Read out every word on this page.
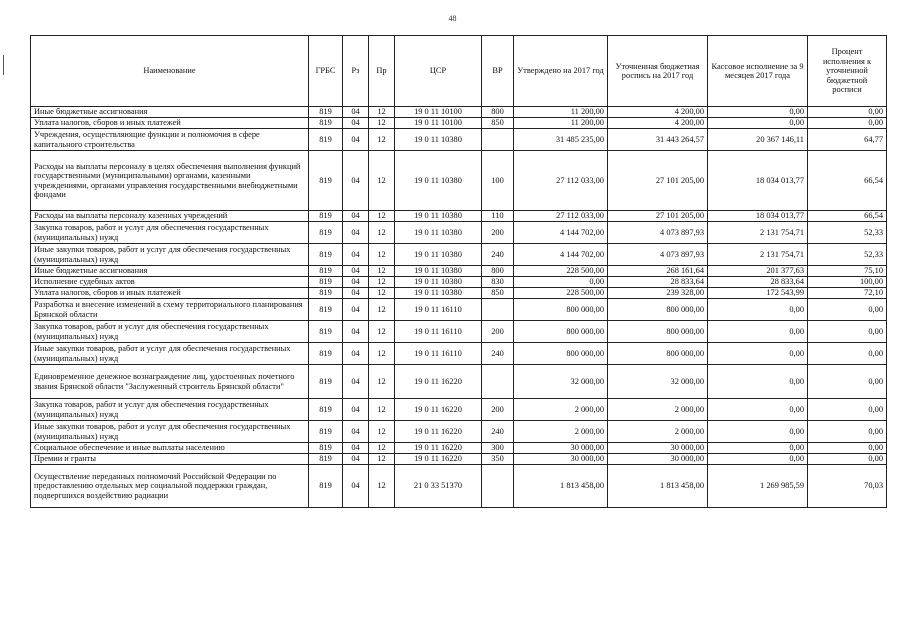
48
Наименование	ГРБС	Рз	Пр	ЦСР	ВР	Утверждено на 2017 год	Уточненная бюджетная роспись на 2017 год	Кассовое исполнение за 9 месяцев 2017 года	Процент исполнения к уточненной бюджетной росписи
Иные бюджетные ассигнования	819	04	12	19 0 11 10100	800	11 200,00	4 200,00	0,00	0,00
Уплата налогов, сборов и иных платежей	819	04	12	19 0 11 10100	850	11 200,00	4 200,00	0,00	0,00
Учреждения, осуществляющие функции и полномочия в сфере капитального строительства	819	04	12	19 0 11 10380		31 485 235,00	31 443 264,57	20 367 146,11	64,77
Расходы на выплаты персоналу в целях обеспечения выполнения функций государственными (муниципальными) органами, казенными учреждениями, органами управления государственными внебюджетными фондами	819	04	12	19 0 11 10380	100	27 112 033,00	27 101 205,00	18 034 013,77	66,54
Расходы на выплаты персоналу казенных учреждений	819	04	12	19 0 11 10380	110	27 112 033,00	27 101 205,00	18 034 013,77	66,54
Закупка товаров, работ и услуг для обеспечения государственных (муниципальных) нужд	819	04	12	19 0 11 10380	200	4 144 702,00	4 073 897,93	2 131 754,71	52,33
Иные закупки товаров, работ и услуг для обеспечения государственных (муниципальных) нужд	819	04	12	19 0 11 10380	240	4 144 702,00	4 073 897,93	2 131 754,71	52,33
Иные бюджетные ассигнования	819	04	12	19 0 11 10380	800	228 500,00	268 161,64	201 377,63	75,10
Исполнение судебных актов	819	04	12	19 0 11 10380	830	0,00	28 833,64	28 833,64	100,00
Уплата налогов, сборов и иных платежей	819	04	12	19 0 11 10380	850	228 500,00	239 328,00	172 543,99	72,10
Разработка и внесение изменений в схему территориального планирования Брянской области	819	04	12	19 0 11 16110		800 000,00	800 000,00	0,00	0,00
Закупка товаров, работ и услуг для обеспечения государственных (муниципальных) нужд	819	04	12	19 0 11 16110	200	800 000,00	800 000,00	0,00	0,00
Иные закупки товаров, работ и услуг для обеспечения государственных (муниципальных) нужд	819	04	12	19 0 11 16110	240	800 000,00	800 000,00	0,00	0,00
Единовременное денежное вознаграждение лиц, удостоенных почетного звания Брянской области "Заслуженный строитель Брянской области"	819	04	12	19 0 11 16220		32 000,00	32 000,00	0,00	0,00
Закупка товаров, работ и услуг для обеспечения государственных (муниципальных) нужд	819	04	12	19 0 11 16220	200	2 000,00	2 000,00	0,00	0,00
Иные закупки товаров, работ и услуг для обеспечения государственных (муниципальных) нужд	819	04	12	19 0 11 16220	240	2 000,00	2 000,00	0,00	0,00
Социальное обеспечение и иные выплаты населению	819	04	12	19 0 11 16220	300	30 000,00	30 000,00	0,00	0,00
Премии и гранты	819	04	12	19 0 11 16220	350	30 000,00	30 000,00	0,00	0,00
Осуществление переданных полномочий Российской Федерации по предоставлению отдельных мер социальной поддержки граждан, подвергшихся воздействию радиации	819	04	12	21 0 33 51370		1 813 458,00	1 813 458,00	1 269 985,59	70,03
